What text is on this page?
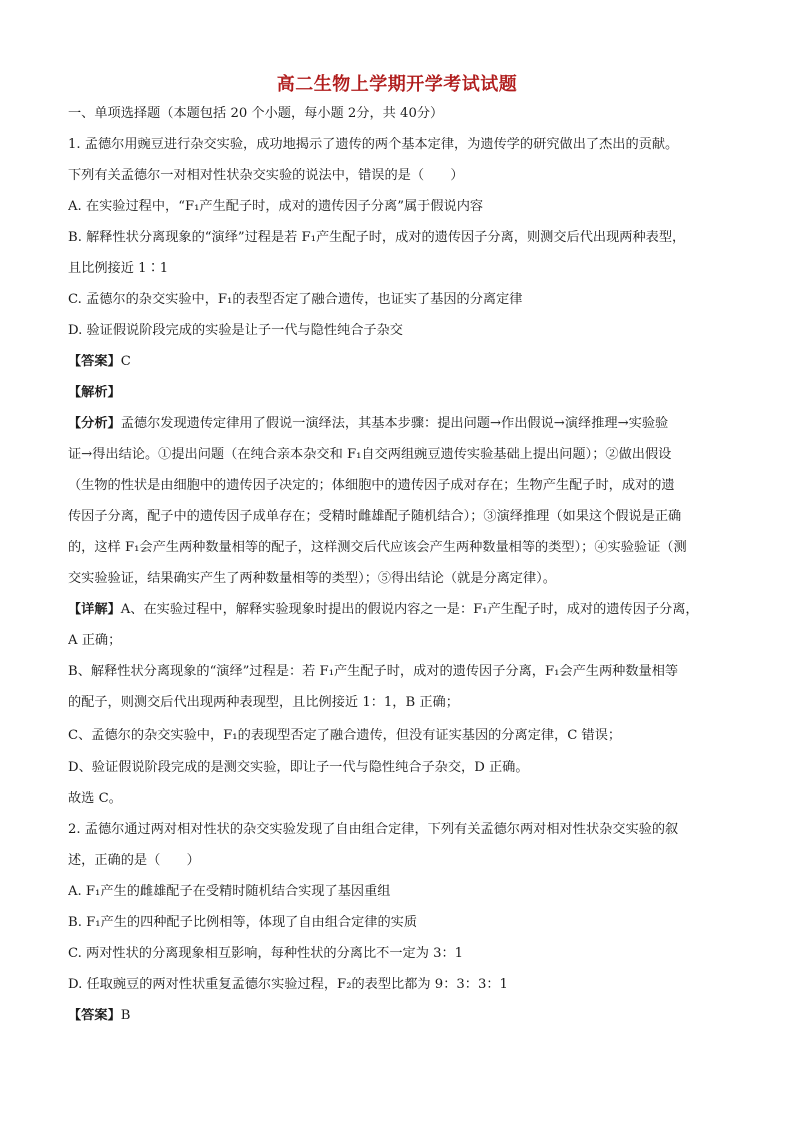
高二生物上学期开学考试试题
一、单项选择题（本题包括 20 个小题，每小题 2分，共 40分）
1. 孟德尔用豌豆进行杂交实验，成功地揭示了遗传的两个基本定律，为遗传学的研究做出了杰出的贡献。
下列有关孟德尔一对相对性状杂交实验的说法中，错误的是（　　）
A. 在实验过程中，“F₁产生配子时，成对的遗传因子分离”属于假说内容
B. 解释性状分离现象的“演绎”过程是若 F₁产生配子时，成对的遗传因子分离，则测交后代出现两种表型，
且比例接近 1∶1
C. 孟德尔的杂交实验中，F₁的表型否定了融合遗传，也证实了基因的分离定律
D. 验证假说阶段完成的实验是让子一代与隐性纯合子杂交
【答案】C
【解析】
【分析】孟德尔发现遗传定律用了假说一演绎法，其基本步骤：提出问题→作出假说→演绎推理→实验验
证→得出结论。①提出问题（在纯合亲本杂交和 F₁自交两组豌豆遗传实验基础上提出问题）；②做出假设
（生物的性状是由细胞中的遗传因子决定的；体细胞中的遗传因子成对存在；生物产生配子时，成对的遗
传因子分离，配子中的遗传因子成单存在；受精时雌雄配子随机结合）；③演绎推理（如果这个假说是正确
的，这样 F₁会产生两种数量相等的配子，这样测交后代应该会产生两种数量相等的类型）；④实验验证（测
交实验验证，结果确实产生了两种数量相等的类型）；⑤得出结论（就是分离定律）。
【详解】A、在实验过程中，解释实验现象时提出的假说内容之一是：F₁产生配子时，成对的遗传因子分离，
A 正确；
B、解释性状分离现象的“演绎”过程是：若 F₁产生配子时，成对的遗传因子分离，F₁会产生两种数量相等
的配子，则测交后代出现两种表现型，且比例接近 1：1，B 正确；
C、孟德尔的杂交实验中，F₁的表现型否定了融合遗传，但没有证实基因的分离定律，C 错误；
D、验证假说阶段完成的是测交实验，即让子一代与隐性纯合子杂交，D 正确。
故选 C。
2. 孟德尔通过两对相对性状的杂交实验发现了自由组合定律，下列有关孟德尔两对相对性状杂交实验的叙
述，正确的是（　　）
A. F₁产生的雌雄配子在受精时随机结合实现了基因重组
B. F₁产生的四种配子比例相等，体现了自由组合定律的实质
C. 两对性状的分离现象相互影响，每种性状的分离比不一定为 3：1
D. 任取豌豆的两对性状重复孟德尔实验过程，F₂的表型比都为 9：3：3：1
【答案】B
